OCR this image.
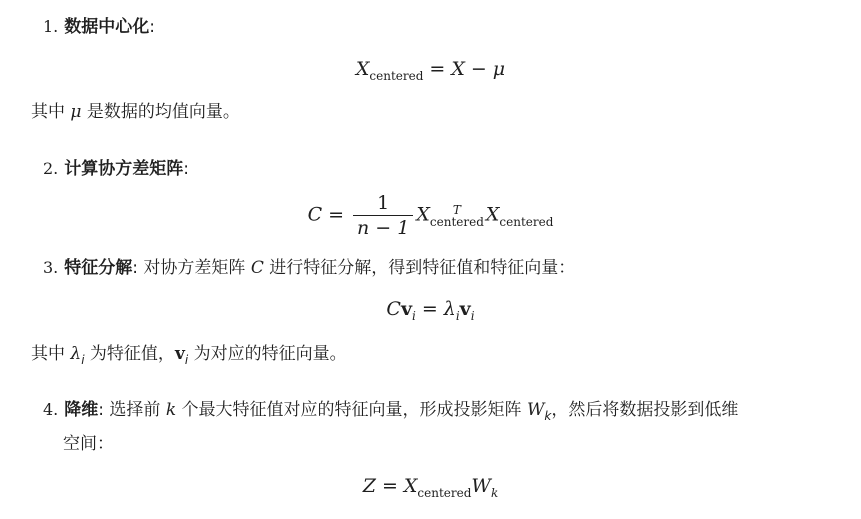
1. 数据中心化:
$X_{centered} = X - \mu$
其中 μ 是数据的均值向量。
2. 计算协方差矩阵:
$C = \frac{1}{n - 1}$ X	T
centered $X_{centered}$
3. 特征分解: 对协方差矩阵 C 进行特征分解，得到特征值和特征向量：
$Cv_i = \lambda_iv_i$
其中 $\lambda_i$ 为特征值，$v_i$ 为对应的特征向量。
4. 降维: 选择前 k 个最大特征值对应的特征向量，形成投影矩阵 $W_k$，然后将数据投影到低维
空间：
$Z = X_{centered}W_k$
